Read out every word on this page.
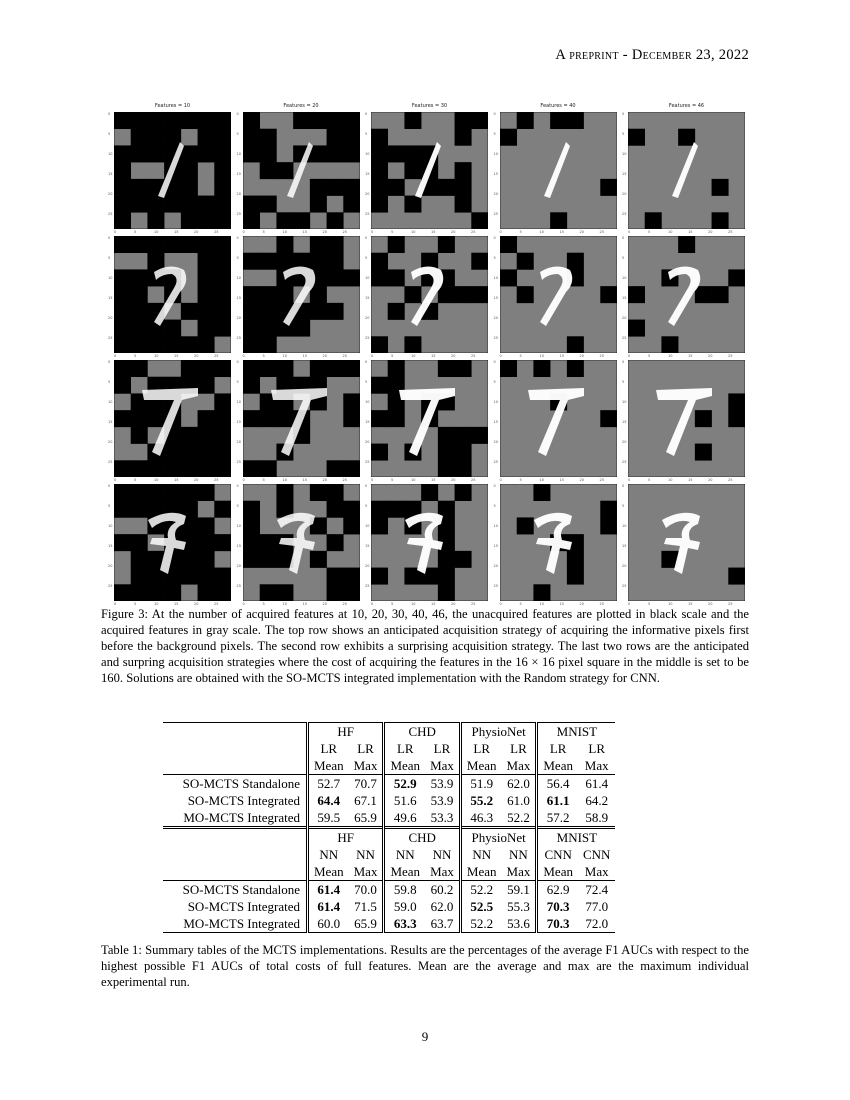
A preprint - December 23, 2022
Features = 10
0
5
10
15
20
25
0	5	10	15	20	25
Features = 20
0
5
10
15
20
25
0	5	10	15	20	25
Features = 30
0
5
10
15
20
25
0	5	10	15	20	25
Features = 40
0
5
10
15
20
25
0	5	10	15	20	25
Features = 46
0
5
10
15
20
25
0	5	10	15	20	25
0
5
10
15
20
25
0	5	10	15	20	25
0
5
10
15
20
25
0	5	10	15	20	25
0
5
10
15
20
25
0	5	10	15	20	25
0
5
10
15
20
25
0	5	10	15	20	25
0
5
10
15
20
25
0	5	10	15	20	25
0
5
10
15
20
25
0	5	10	15	20	25
0
5
10
15
20
25
0	5	10	15	20	25
0
5
10
15
20
25
0	5	10	15	20	25
0
5
10
15
20
25
0	5	10	15	20	25
0
5
10
15
20
25
0	5	10	15	20	25
0
5
10
15
20
25
0	5	10	15	20	25
0
5
10
15
20
25
0	5	10	15	20	25
0
5
10
15
20
25
0	5	10	15	20	25
0
5
10
15
20
25
0	5	10	15	20	25
0
5
10
15
20
25
0	5	10	15	20	25
Figure 3: At the number of acquired features at 10, 20, 30, 40, 46, the unacquired features are plotted in black scale and the acquired features in gray scale. The top row shows an anticipated acquisition strategy of acquiring the informative pixels first before the background pixels. The second row exhibits a surprising acquisition strategy. The last two rows are the anticipated and surpring acquisition strategies where the cost of acquiring the features in the 16 × 16 pixel square in the middle is set to be 160. Solutions are obtained with the SO-MCTS integrated implementation with the Random strategy for CNN.
		HF		CHD			PhysioNet		MNIST	
		LR	LR		LR	LR		LR	LR		LR	LR
		Mean	Max		Mean	Max		Mean	Max		Mean	Max
SO-MCTS Standalone		52.7	70.7		52.9	53.9		51.9	62.0		56.4	61.4
SO-MCTS Integrated		64.4	67.1		51.6	53.9		55.2	61.0		61.1	64.2
MO-MCTS Integrated		59.5	65.9		49.6	53.3		46.3	52.2		57.2	58.9
		HF		CHD			PhysioNet		MNIST	
		NN	NN		NN	NN		NN	NN		CNN	CNN
		Mean	Max		Mean	Max		Mean	Max		Mean	Max
SO-MCTS Standalone		61.4	70.0		59.8	60.2		52.2	59.1		62.9	72.4
SO-MCTS Integrated		61.4	71.5		59.0	62.0		52.5	55.3		70.3	77.0
MO-MCTS Integrated		60.0	65.9		63.3	63.7		52.2	53.6		70.3	72.0
Table 1: Summary tables of the MCTS implementations. Results are the percentages of the average F1 AUCs with respect to the highest possible F1 AUCs of total costs of full features. Mean are the average and max are the maximum individual experimental run.
9
